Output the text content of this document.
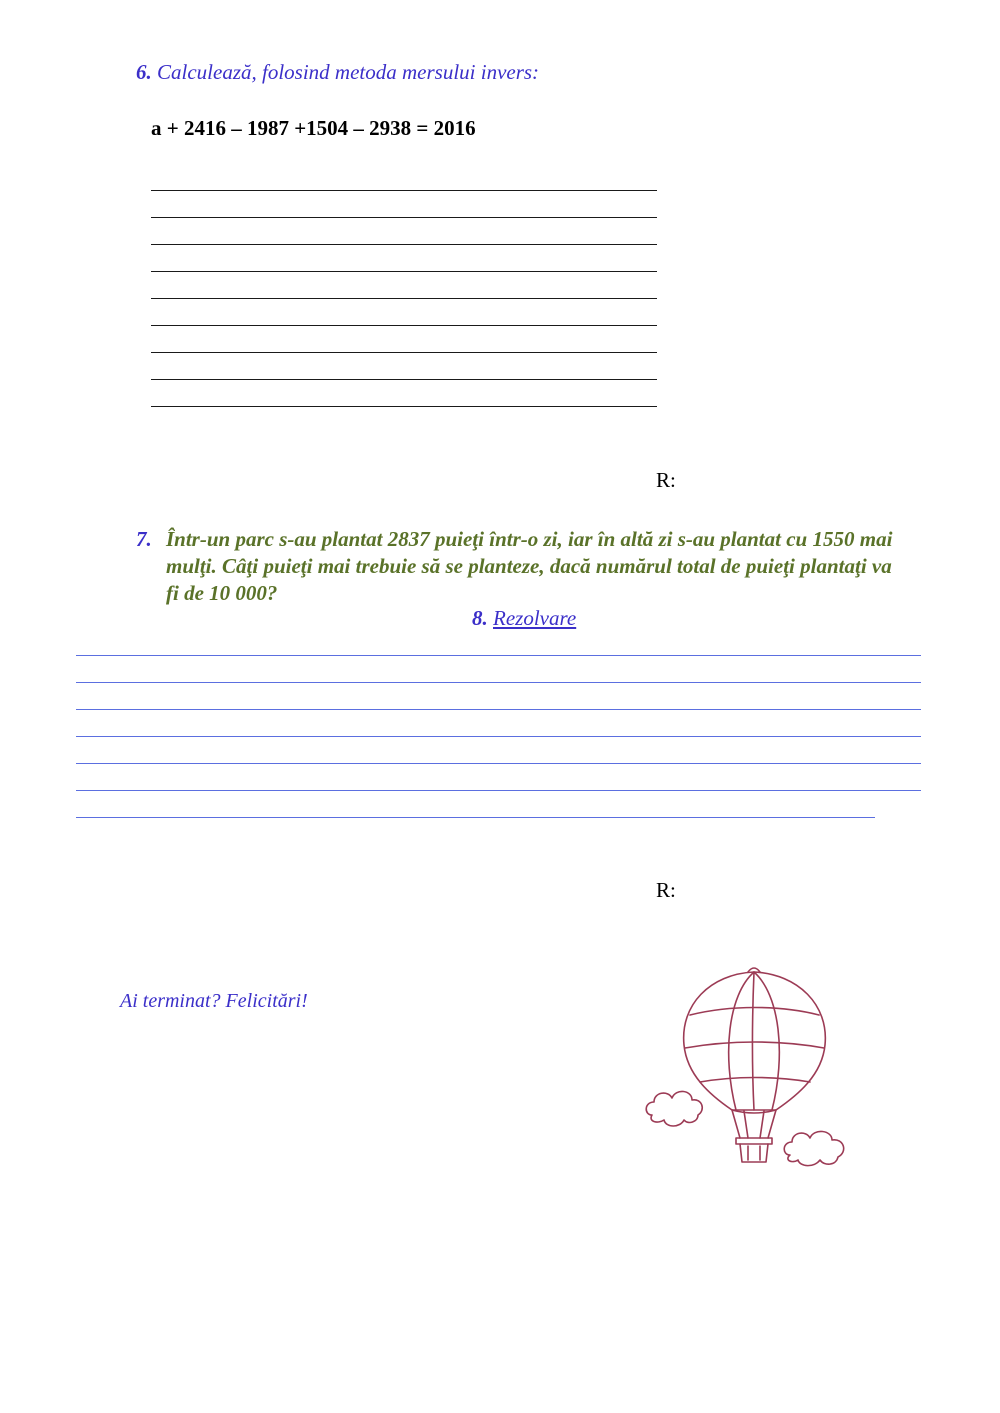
6. Calculează, folosind metoda mersului invers:
a + 2416 – 1987 +1504 – 2938 = 2016
R:
7. Într-un parc s-au plantat 2837 puieţi într-o zi, iar în altă zi s-au plantat cu 1550 mai mulţi. Câţi puieţi mai trebuie să se planteze, dacă numărul total de puieţi plantaţi va fi de 10 000?
8. Rezolvare
R:
Ai terminat? Felicitări!
